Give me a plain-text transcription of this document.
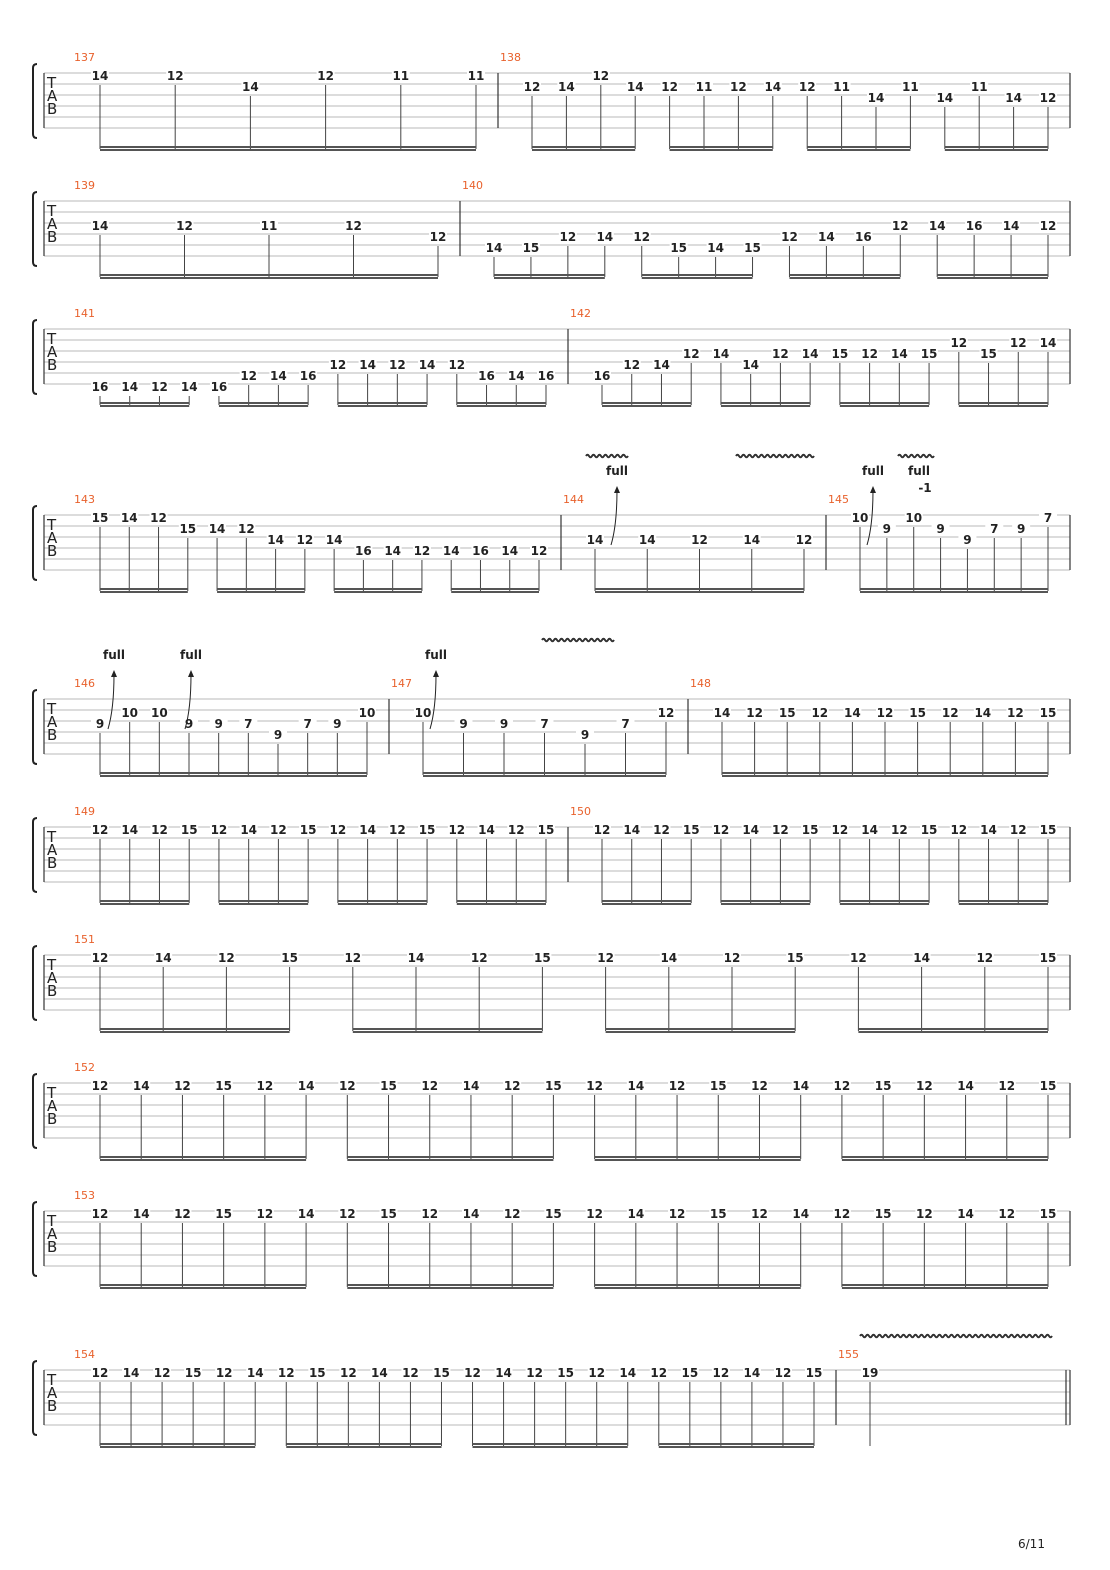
T
A
B
137
14	12
14
12	11	11
138
12 14
12
14 12 11 12 14 12 11
14
11
14
11
14 12
T
A
B
139
14	12	11	12
12
140
14 15
12 14 12
15 14 15
12 14 16
12 14 16 14 12
T
A
B
141
16 14 12 14 16
12 14 16
12 14 12 14 12
16 14 16
142
16
12 14
12 14
14
12 14 15 12 14 15
12
15
12 14
T
A
B
143
15 14 12
15 14 12
14 12 14
16 14 12 14 16 14 12
144
14	14	12	14	12
145
10
9
10
9
9
7 9
7
full	full full
-1
T
A
B
146
9
10 10
9 9 7
9
7 9
10
147
10
9	9	7
9
7
12
148
14 12 15 12 14 12 15 12 14 12 15
full	full	full
T
A
B
149
12 14 12 15 12 14 12 15 12 14 12 15 12 14 12 15
150
12 14 12 15 12 14 12 15 12 14 12 15 12 14 12 15
T
A
B
151
12	14	12	15	12	14	12	15	12	14	12	15	12	14	12	15
T
A
B
152
12 14 12 15 12 14 12 15 12 14 12 15 12 14 12 15 12 14 12 15 12 14 12 15
T
A
B
153
12 14 12 15 12 14 12 15 12 14 12 15 12 14 12 15 12 14 12 15 12 14 12 15
T
A
B
154
12 14 12 15 12 14 12 15 12 14 12 15 12 14 12 15 12 14 12 15 12 14 12 15
155
19
6/11
